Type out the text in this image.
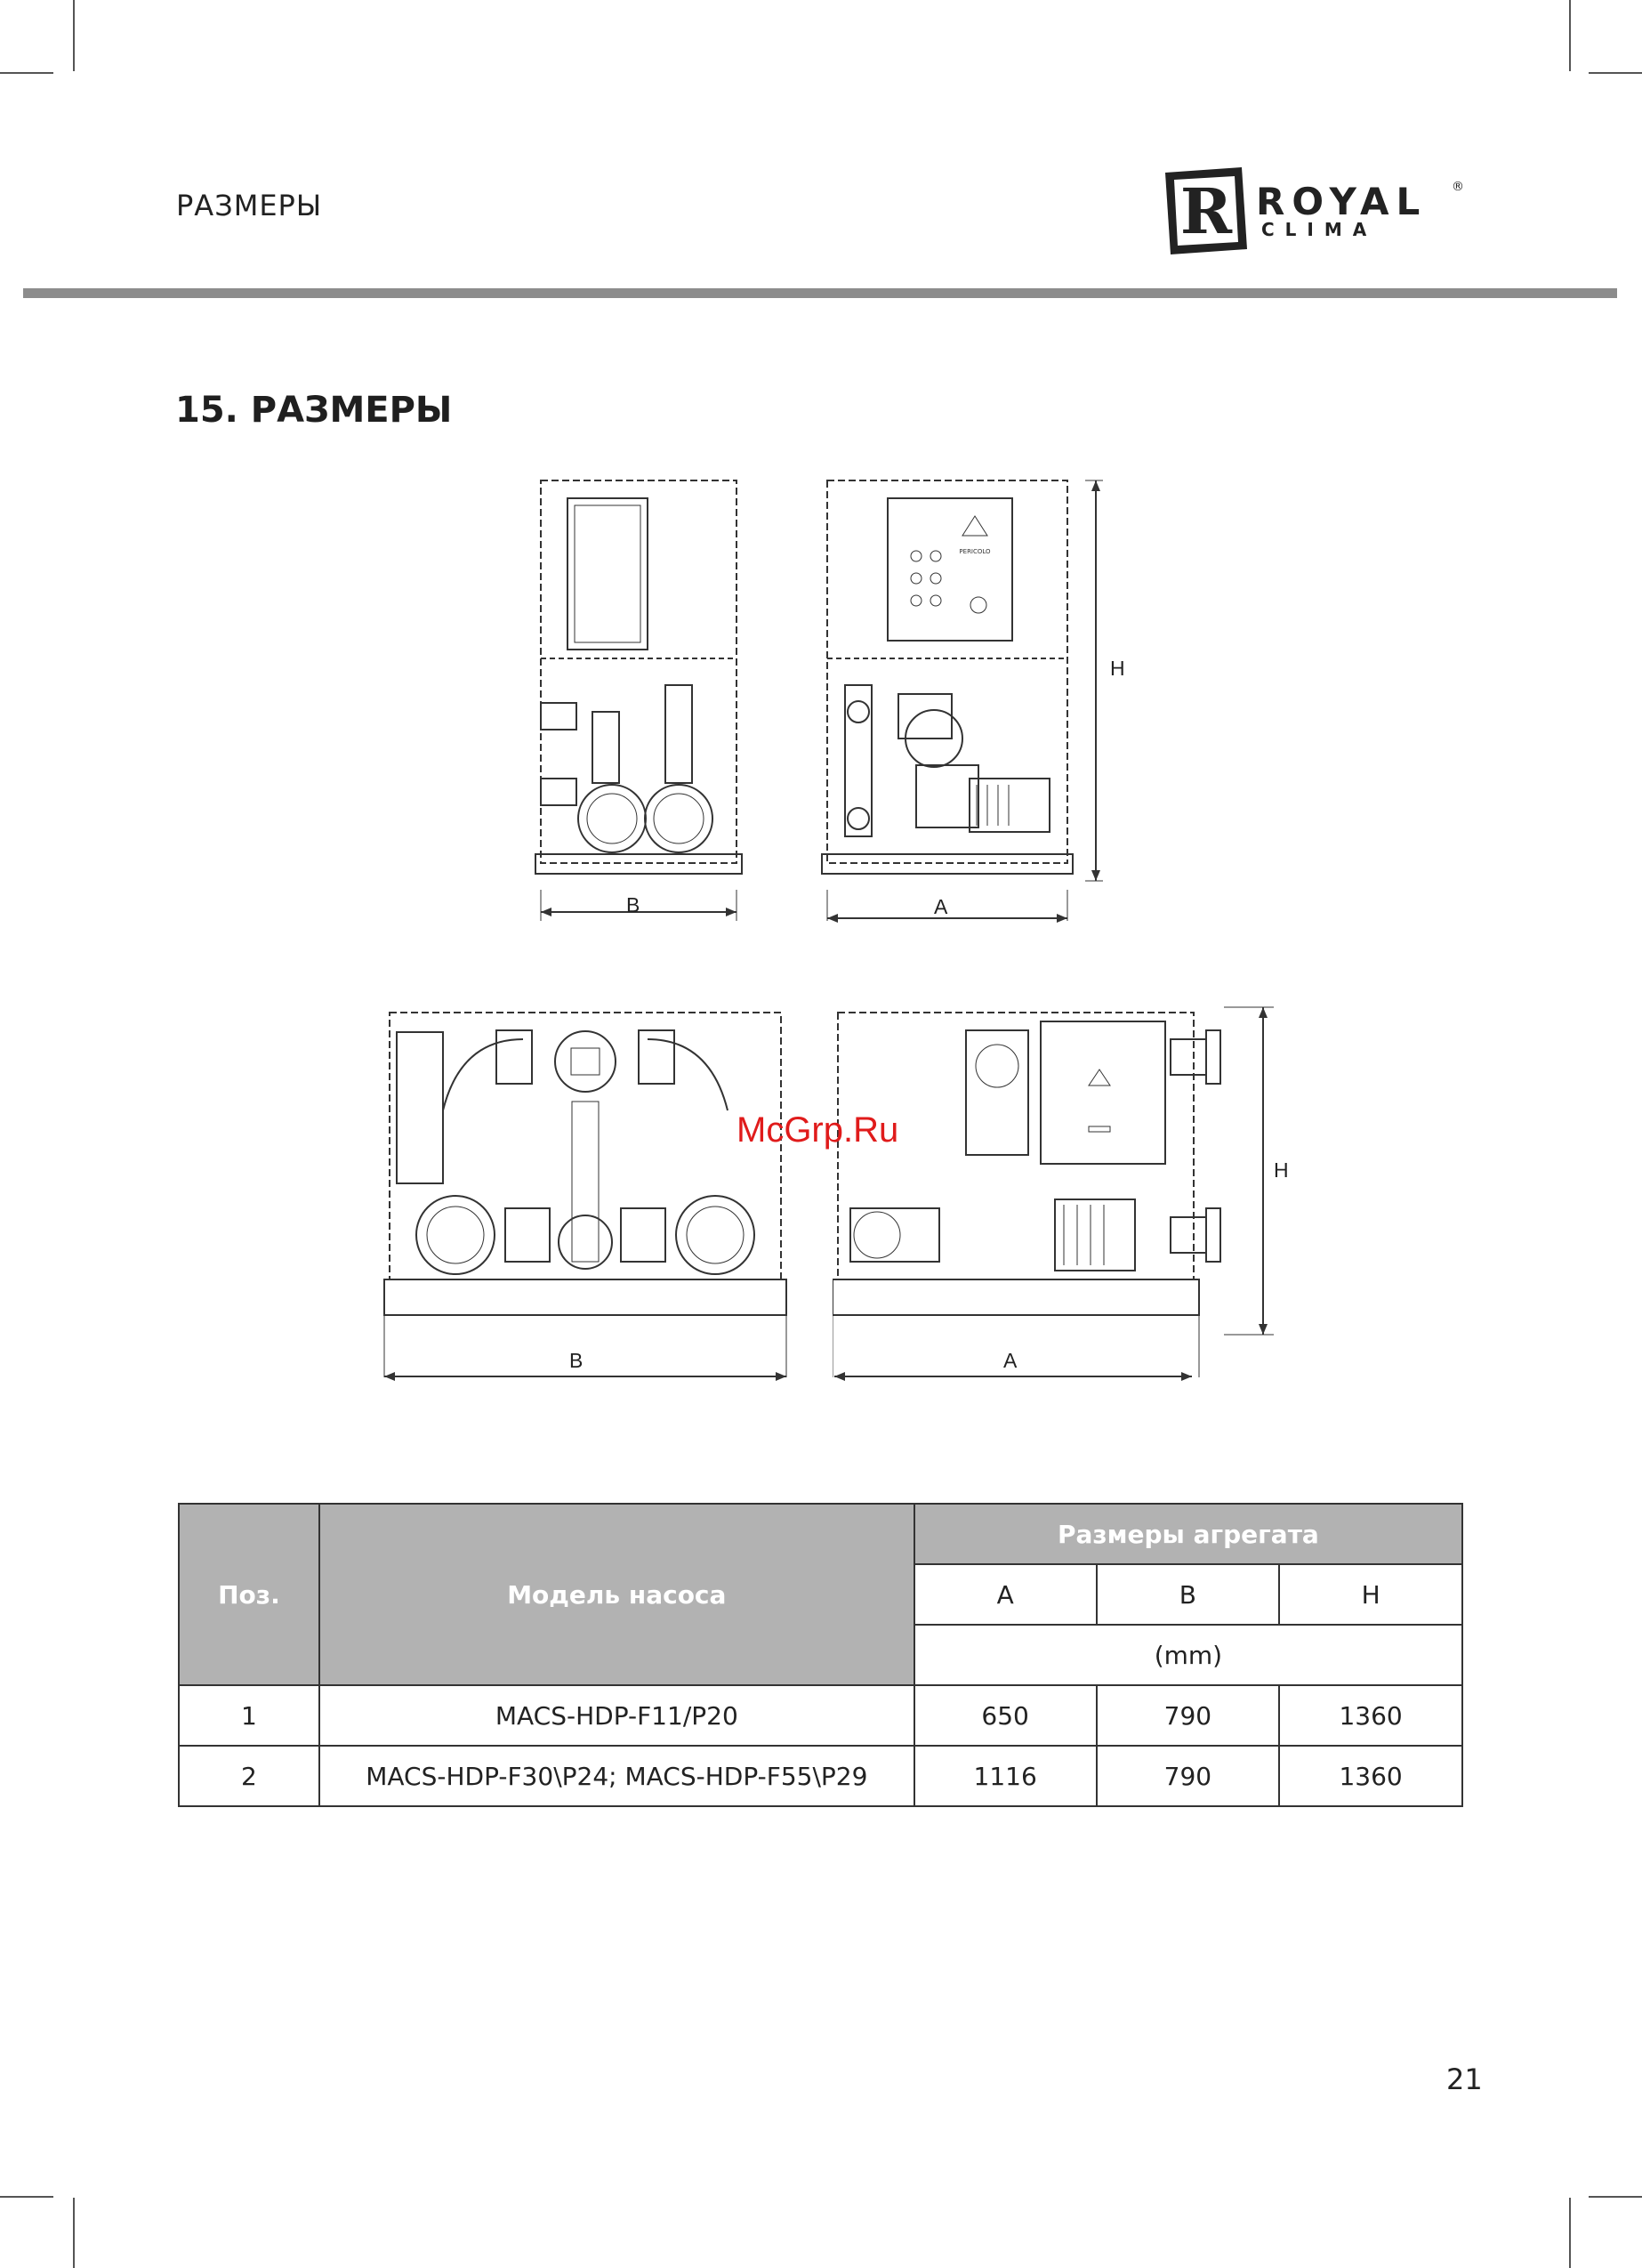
РАЗМЕРЫ	R ROYAL ®
CLIMA
15. РАЗМЕРЫ
B
PERICOLO
H
A
B
H
A
McGrp.Ru
Поз.	Модель насоса	Размеры агрегата		
		A	B	H
		(mm)		
1	MACS-HDP-F11/P20	650	790	1360
2	MACS-HDP-F30\P24; MACS-HDP-F55\P29	1116	790	1360
21
